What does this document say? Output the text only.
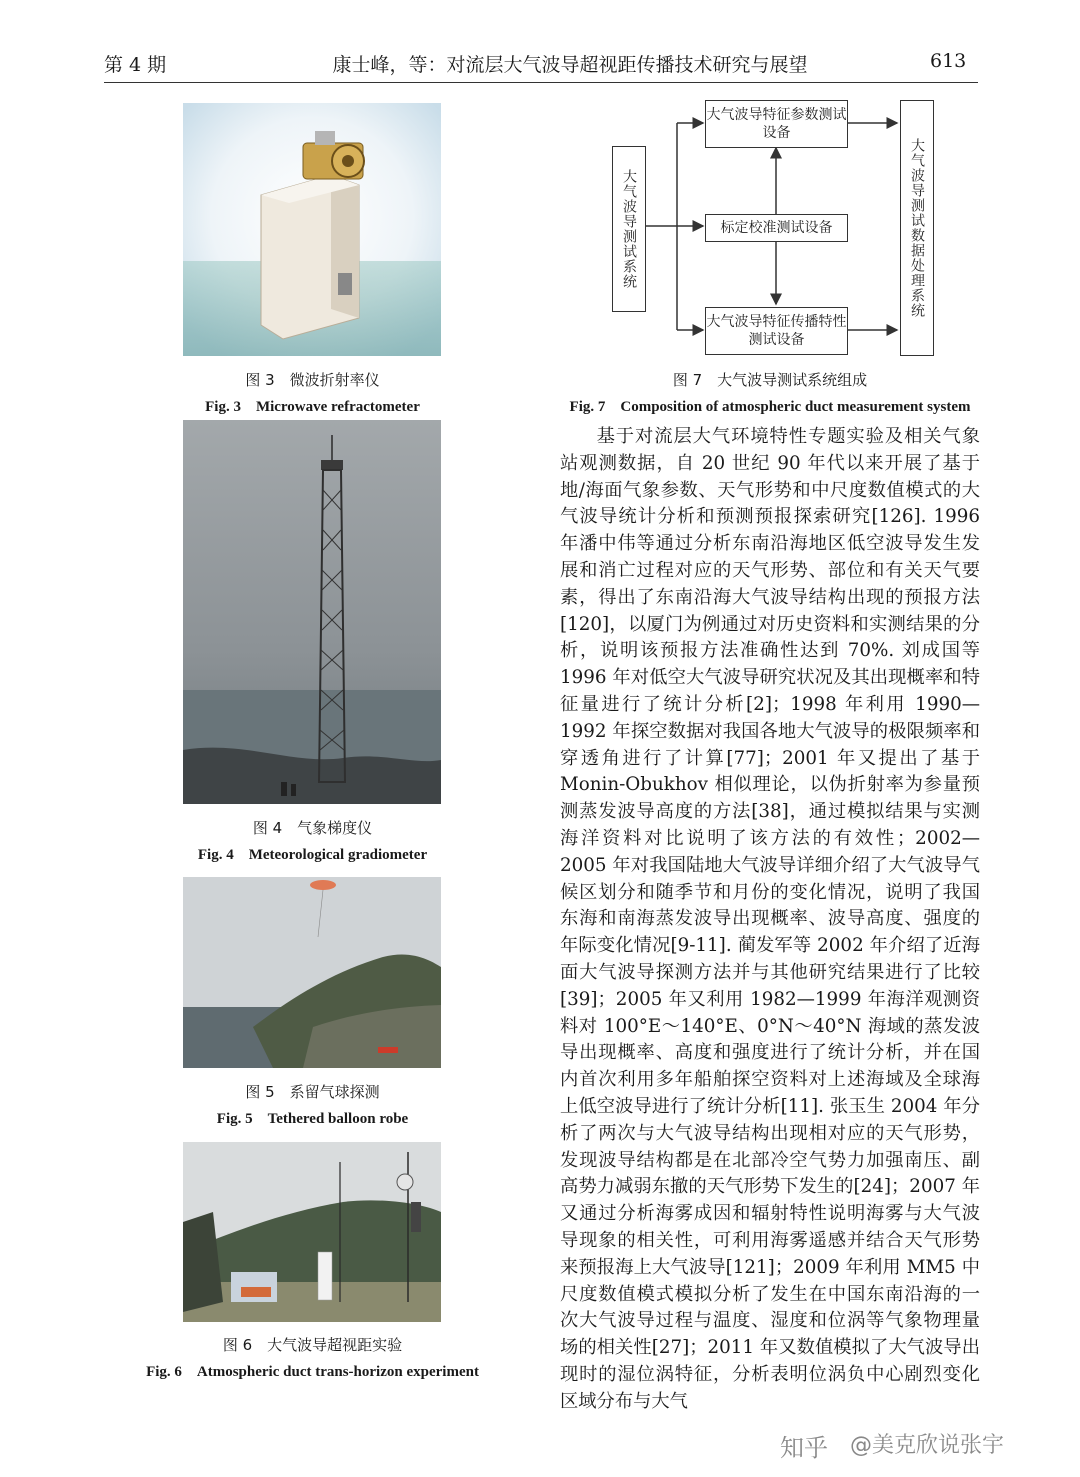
第 4 期	康士峰，等：对流层大气波导超视距传播技术研究与展望	613
图 3　微波折射率仪
Fig. 3　Microwave refractometer
图 4　气象梯度仪
Fig. 4　Meteorological gradiometer
图 5　系留气球探测
Fig. 5　Tethered balloon robe
图 6　大气波导超视距实验
Fig. 6　Atmospheric duct trans-horizon experiment
大气波导测试系统
大气波导特征参数测试设备
标定校准测试设备
大气波导特征传播特性测试设备
大气波导测试数据处理系统
图 7　大气波导测试系统组成
Fig. 7　Composition of atmospheric duct measurement system

基于对流层大气环境特性专题实验及相关气象站观测数据，自 20 世纪 90 年代以来开展了基于地/海面气象参数、天气形势和中尺度数值模式的大气波导统计分析和预测预报探索研究[126]. 1996 年潘中伟等通过分析东南沿海地区低空波导发生发展和消亡过程对应的天气形势、部位和有关天气要素，得出了东南沿海大气波导结构出现的预报方法[120]，以厦门为例通过对历史资料和实测结果的分析，说明该预报方法准确性达到 70%. 刘成国等 1996 年对低空大气波导研究状况及其出现概率和特征量进行了统计分析[2]；1998 年利用 1990—1992 年探空数据对我国各地大气波导的极限频率和穿透角进行了计算[77]；2001 年又提出了基于 Monin-Obukhov 相似理论，以伪折射率为参量预测蒸发波导高度的方法[38]，通过模拟结果与实测海洋资料对比说明了该方法的有效性；2002—2005 年对我国陆地大气波导详细介绍了大气波导气候区划分和随季节和月份的变化情况，说明了我国东海和南海蒸发波导出现概率、波导高度、强度的年际变化情况[9-11]. 蔺发军等 2002 年介绍了近海面大气波导探测方法并与其他研究结果进行了比较[39]；2005 年又利用 1982—1999 年海洋观测资料对 100°E～140°E、0°N～40°N 海域的蒸发波导出现概率、高度和强度进行了统计分析，并在国内首次利用多年船舶探空资料对上述海域及全球海上低空波导进行了统计分析[11]. 张玉生 2004 年分析了两次与大气波导结构出现相对应的天气形势，发现波导结构都是在北部冷空气势力加强南压、副高势力减弱东撤的天气形势下发生的[24]；2007 年又通过分析海雾成因和辐射特性说明海雾与大气波导现象的相关性，可利用海雾遥感并结合天气形势来预报海上大气波导[121]；2009 年利用 MM5 中尺度数值模式模拟分析了发生在中国东南沿海的一次大气波导过程与温度、湿度和位涡等气象物理量场的相关性[27]；2011 年又数值模拟了大气波导出现时的湿位涡特征，分析表明位涡负中心剧烈变化区域分布与大气

知乎 @美克欣说张宇
